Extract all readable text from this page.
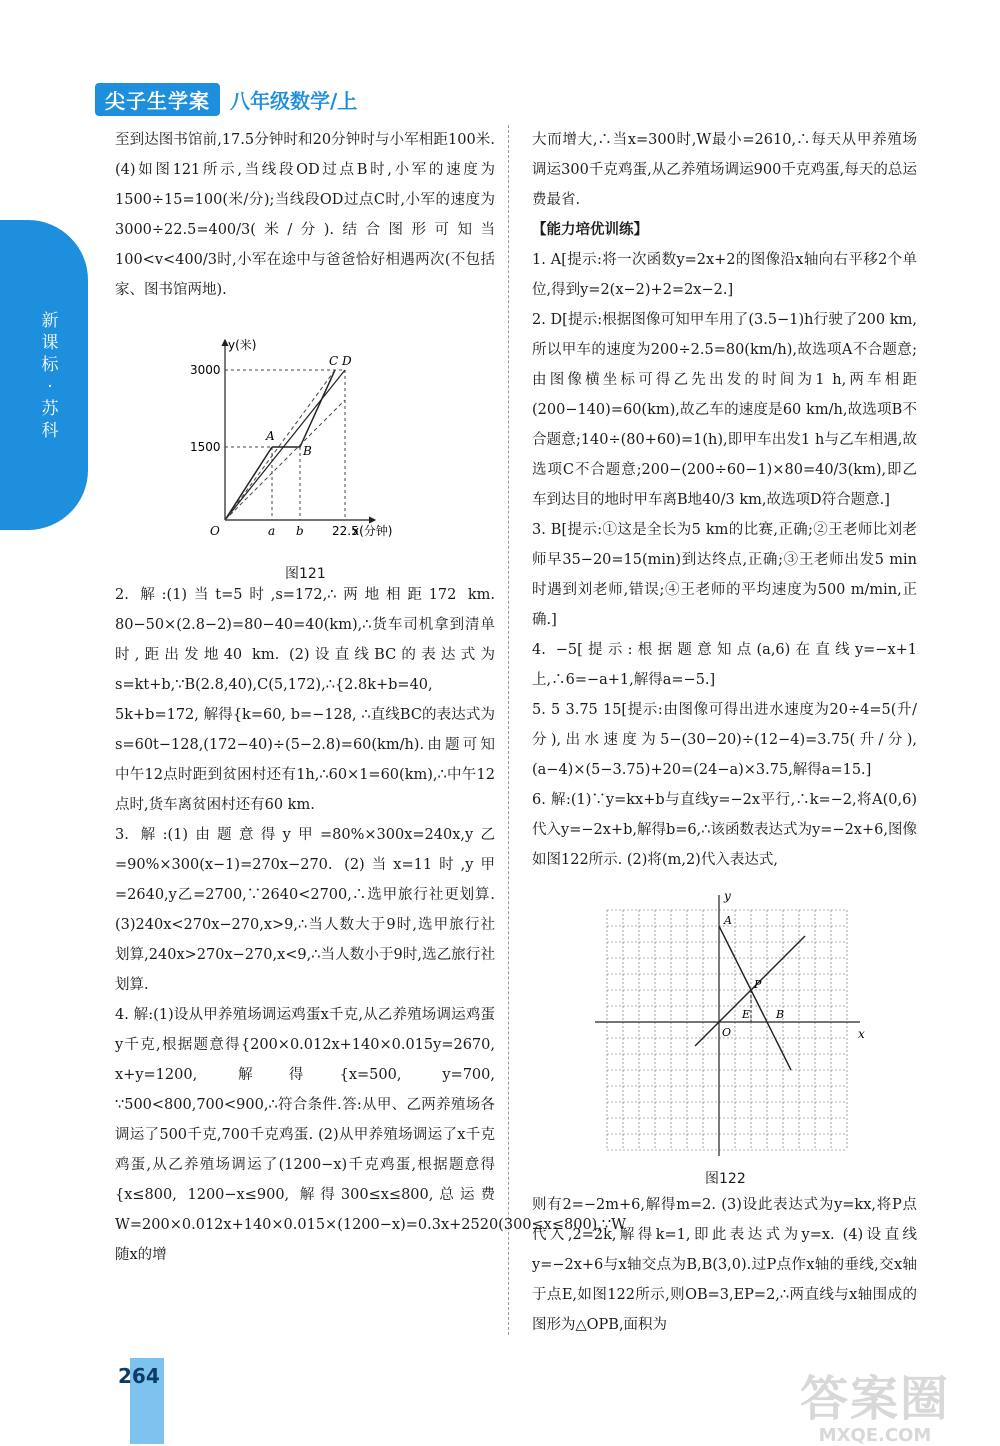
新课标·苏科
尖子生学案	八年级数学/上

至到达图书馆前,17.5分钟时和20分钟时与小军相距100米.(4)如图121所示,当线段OD过点B时,小军的速度为1500÷15=100(米/分);当线段OD过点C时,小军的速度为3000÷22.5=400/3(米/分).结合图形可知当100<v<400/3时,小军在途中与爸爸恰好相遇两次(不包括家、图书馆两地).

y(米)
3000
1500
O	a b 22.5
x(分钟)
A
B
C D
图121

2. 解:(1)当t=5时,s=172,∴两地相距172 km. 80−50×(2.8−2)=80−40=40(km),∴货车司机拿到清单时,距出发地40 km. (2)设直线BC的表达式为s=kt+b,∵B(2.8,40),C(5,172),∴{2.8k+b=40, 5k+b=172, 解得{k=60, b=−128, ∴直线BC的表达式为s=60t−128,(172−40)÷(5−2.8)=60(km/h).由题可知中午12点时距到贫困村还有1h,∴60×1=60(km),∴中午12点时,货车离贫困村还有60 km.

3. 解:(1)由题意得y甲=80%×300x=240x,y乙=90%×300(x−1)=270x−270. (2)当x=11时,y甲=2640,y乙=2700,∵2640<2700,∴选甲旅行社更划算. (3)240x<270x−270,x>9,∴当人数大于9时,选甲旅行社划算,240x>270x−270,x<9,∴当人数小于9时,选乙旅行社划算.

4. 解:(1)设从甲养殖场调运鸡蛋x千克,从乙养殖场调运鸡蛋y千克,根据题意得{200×0.012x+140×0.015y=2670, x+y=1200, 解得{x=500, y=700, ∵500<800,700<900,∴符合条件.答:从甲、乙两养殖场各调运了500千克,700千克鸡蛋. (2)从甲养殖场调运了x千克鸡蛋,从乙养殖场调运了(1200−x)千克鸡蛋,根据题意得{x≤800, 1200−x≤900, 解得300≤x≤800,总运费W=200×0.012x+140×0.015×(1200−x)=0.3x+2520(300≤x≤800),∵W随x的增

大而增大,∴当x=300时,W最小=2610,∴每天从甲养殖场调运300千克鸡蛋,从乙养殖场调运900千克鸡蛋,每天的总运费最省.

【能力培优训练】

1. A[提示:将一次函数y=2x+2的图像沿x轴向右平移2个单位,得到y=2(x−2)+2=2x−2.]

2. D[提示:根据图像可知甲车用了(3.5−1)h行驶了200 km,所以甲车的速度为200÷2.5=80(km/h),故选项A不合题意;由图像横坐标可得乙先出发的时间为1 h,两车相距(200−140)=60(km),故乙车的速度是60 km/h,故选项B不合题意;140÷(80+60)=1(h),即甲车出发1 h与乙车相遇,故选项C不合题意;200−(200÷60−1)×80=40/3(km),即乙车到达目的地时甲车离B地40/3 km,故选项D符合题意.]

3. B[提示:①这是全长为5 km的比赛,正确;②王老师比刘老师早35−20=15(min)到达终点,正确;③王老师出发5 min时遇到刘老师,错误;④王老师的平均速度为500 m/min,正确.]

4. −5[提示:根据题意知点(a,6)在直线y=−x+1上,∴6=−a+1,解得a=−5.]

5. 5 3.75 15[提示:由图像可得出进水速度为20÷4=5(升/分),出水速度为5−(30−20)÷(12−4)=3.75(升/分),(a−4)×(5−3.75)+20=(24−a)×3.75,解得a=15.]

6. 解:(1)∵y=kx+b与直线y=−2x平行,∴k=−2,将A(0,6)代入y=−2x+b,解得b=6,∴该函数表达式为y=−2x+6,图像如图122所示. (2)将(m,2)代入表达式,

x
y
O
A
P
E B
图122

则有2=−2m+6,解得m=2. (3)设此表达式为y=kx,将P点代入,2=2k,解得k=1,即此表达式为y=x. (4)设直线y=−2x+6与x轴交点为B,B(3,0).过P点作x轴的垂线,交x轴于点E,如图122所示,则OB=3,EP=2,∴两直线与x轴围成的图形为△OPB,面积为

264	答案圈
MXQE.COM
